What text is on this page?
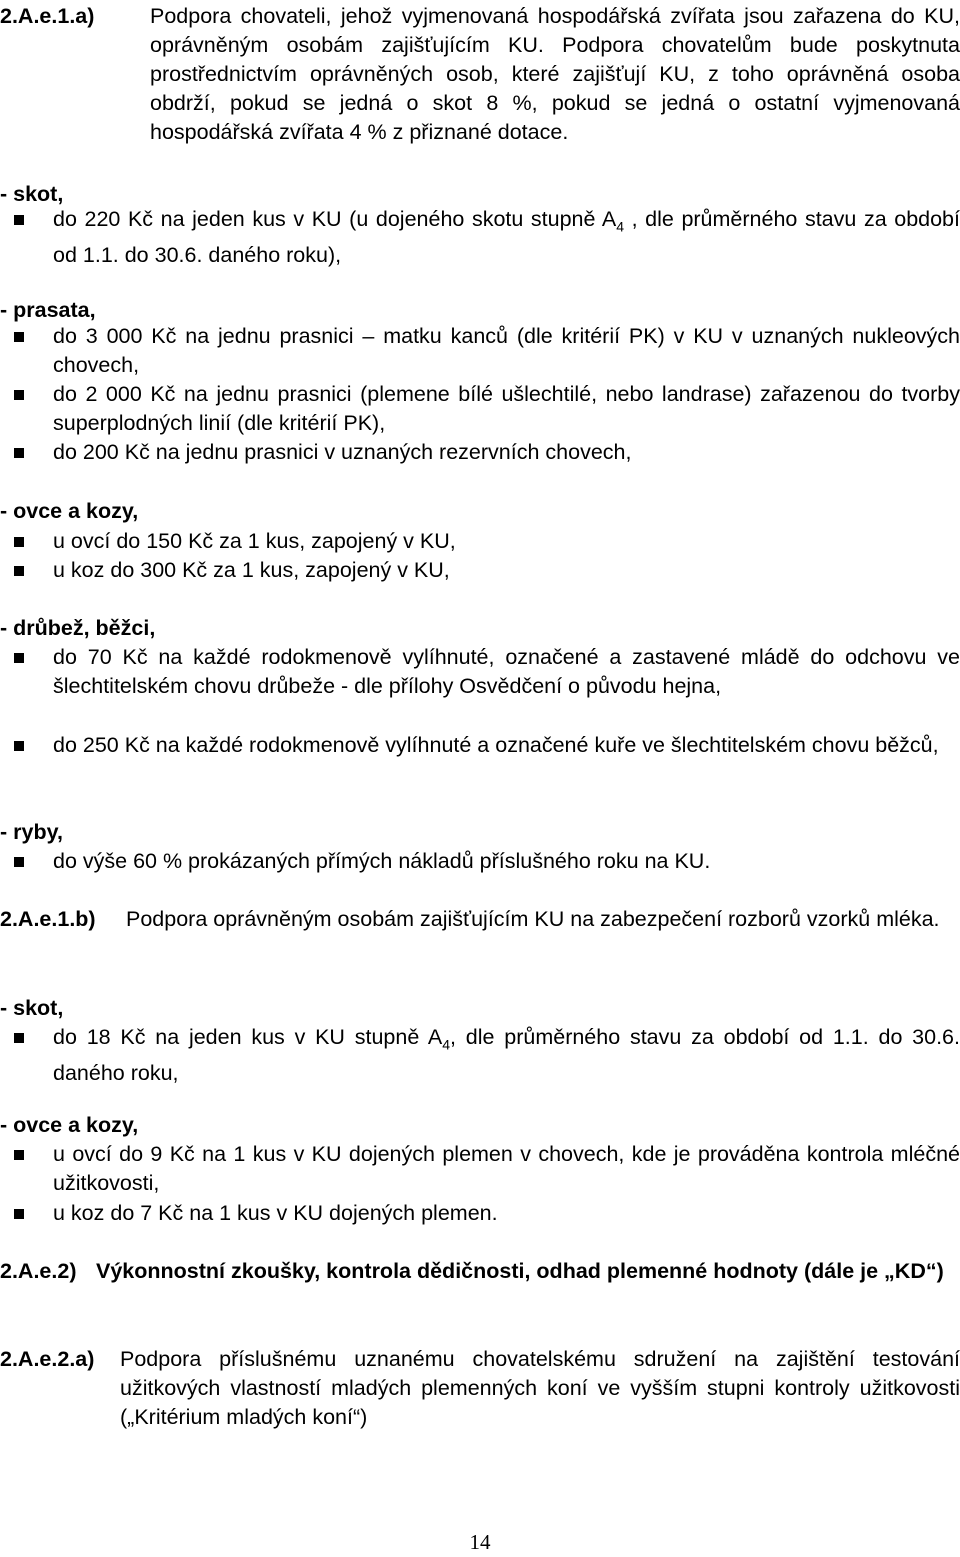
2.A.e.1.a)	Podpora chovateli, jehož vyjmenovaná hospodářská zvířata jsou zařazena do KU, oprávněným osobám zajišťujícím KU. Podpora chovatelům bude poskytnuta prostřednictvím oprávněných osob, které zajišťují KU, z toho oprávněná osoba obdrží, pokud se jedná o skot 8 %, pokud se jedná o ostatní vyjmenovaná hospodářská zvířata 4 % z přiznané dotace.
- skot,
do 220 Kč na jeden kus v KU (u dojeného skotu stupně $A_4$ , dle průměrného stavu za období od 1.1. do 30.6. daného roku),
- prasata,
do 3 000 Kč na jednu prasnici – matku kanců (dle kritérií PK) v KU v uznaných nukleových chovech,
do 2 000 Kč na jednu prasnici (plemene bílé ušlechtilé, nebo landrase) zařazenou do tvorby superplodných linií (dle kritérií PK),
do 200 Kč na jednu prasnici v uznaných rezervních chovech,
- ovce a kozy,
u ovcí do 150 Kč za 1 kus, zapojený v KU,
u koz do 300 Kč za 1 kus, zapojený v KU,
- drůbež, běžci,
do 70 Kč na každé rodokmenově vylíhnuté, označené a zastavené mládě do odchovu ve šlechtitelském chovu drůbeže - dle přílohy Osvědčení o původu hejna,
do 250 Kč na každé rodokmenově vylíhnuté a označené kuře ve šlechtitelském chovu běžců,
- ryby,
do výše 60 % prokázaných přímých nákladů příslušného roku na KU.
2.A.e.1.b) Podpora oprávněným osobám zajišťujícím KU na zabezpečení rozborů vzorků mléka.
- skot,
do 18 Kč na jeden kus v KU stupně $A_4$, dle průměrného stavu za období od 1.1. do 30.6. daného roku,
- ovce a kozy,
u ovcí do 9 Kč na 1 kus v KU dojených plemen v chovech, kde je prováděna kontrola mléčné užitkovosti,
u koz do 7 Kč na 1 kus v KU dojených plemen.
2.A.e.2) Výkonnostní zkoušky, kontrola dědičnosti, odhad plemenné hodnoty (dále je „KD“)
2.A.e.2.a) Podpora příslušnému uznanému chovatelskému sdružení na zajištění testování užitkových vlastností mladých plemenných koní ve vyšším stupni kontroly užitkovosti („Kritérium mladých koní“)
14
